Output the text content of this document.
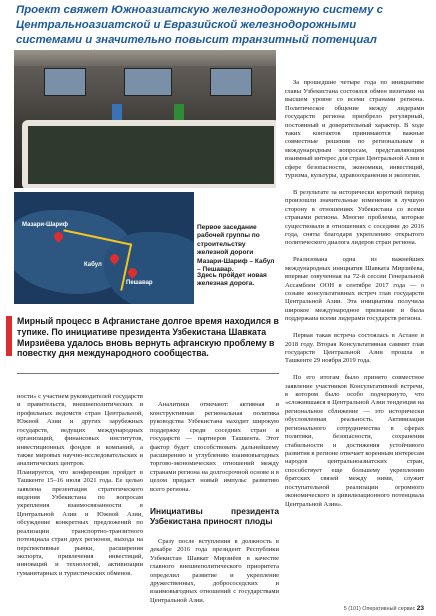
Проект свяжет Южноазиатскую железнодорожную систему с Центральноазиатской и Евразийской железнодорожными системами и значительно повысит транзитный потенциал
Мазари-Шариф
Кабул
Пешавар
Первое заседание рабочей группы по строительству железной дороги Мазари-Шариф – Кабул – Пешавар.
Здесь пройдет новая железная дорога.

За прошедшие четыре года по инициативе главы Узбекистана состоялся обмен визитами на высшем уровне со всеми странами региона. Политическое общение между лидерами государств региона приобрело регулярный, постоянный и доверительный характер. В ходе таких контактов принимаются важные совместные решения по региональным и международным вопросам, представляющим взаимный интерес для стран Центральной Азии в сфере безопасности, экономики, инвестиций, туризма, культуры, здравоохранения и экологии.

В результате за исторически короткий период произошли значительные изменения в лучшую сторону в отношениях Узбекистана со всеми странами региона. Многие проблемы, которые существовали в отношениях с соседями до 2016 года, сняты благодаря укреплению открытого политического диалога лидеров стран региона.

Реализована одна из важнейших международных инициатив Шавката Мирзиёева, впервые озвученная на 72-й сессии Генеральной Ассамблеи ООН в сентябре 2017 года — о созыве консультативных встреч глав государств Центральной Азии. Эта инициатива получила широкое международное признание и была поддержана всеми лидерами государств региона.

Первая такая встреча состоялась в Астане в 2018 году. Вторая Консультативная саммит глав государств Центральной Азии прошла в Ташкенте 29 ноября 2019 года.

По его итогам было принято совместное заявление участников Консультативной встречи, в котором было особо подчеркнуто, что «сложившаяся в Центральной Азии тенденция на региональное сближение — это исторически обусловленная реальность. Активизация регионального сотрудничества в сферах политики, безопасности, сохранения стабильности и достижения устойчивого развития в регионе отвечает коренным интересам народов центральноазиатских стран, способствует еще большему укреплению братских связей между ними, служит поступательной реализации огромного экономического и цивилизационного потенциала Центральной Азии».

Мирный процесс в Афганистане долгое время находился в тупике. По инициативе президента Узбекистана Шавката Мирзиёева удалось вновь вернуть афганскую проблему в повестку дня международного сообщества.
ности» с участием руководителей государств и правительств, внешнеполитических и профильных ведомств стран Центральной, Южной Азии и других зарубежных государств, ведущих международных организаций, финансовых институтов, инвестиционных фондов и компаний, а также мировых научно-исследовательских и аналитических центров.
Планируется, что конференция пройдет в Ташкенте 15–16 июля 2021 года. Ее целью заявлена презентация стратегического видения Узбекистана по вопросам укрепления взаимосвязанности в Центральной Азии и Южной Азии, обсуждение конкретных предложений по реализации транспортно-транзитного потенциала стран двух регионов, выхода на перспективные рынки, расширения экспорта, привлечения инвестиций, инноваций и технологий, активизации гуманитарных и туристических обменов.

Аналитики отмечают: активная и конструктивная региональная политика руководства Узбекистана находит широкую поддержку среди соседних стран и государств — партнеров Ташкента. Этот фактор будет способствовать дальнейшему расширению и углублению взаимовыгодных торгово-экономических отношений между странами региона на долгосрочной основе и в целом придаст новый импульс развитию всего региона.

Инициативы президента Узбекистана приносят плоды

Сразу после вступления в должность в декабре 2016 года президент Республики Узбекистан Шавкат Мирзиёев в качестве главного внешнеполитического приоритета определил развитие и укрепление дружественных, добрососедских и взаимовыгодных отношений с государствами Центральной Азии.

5 (101) Оперативный сервис 23
